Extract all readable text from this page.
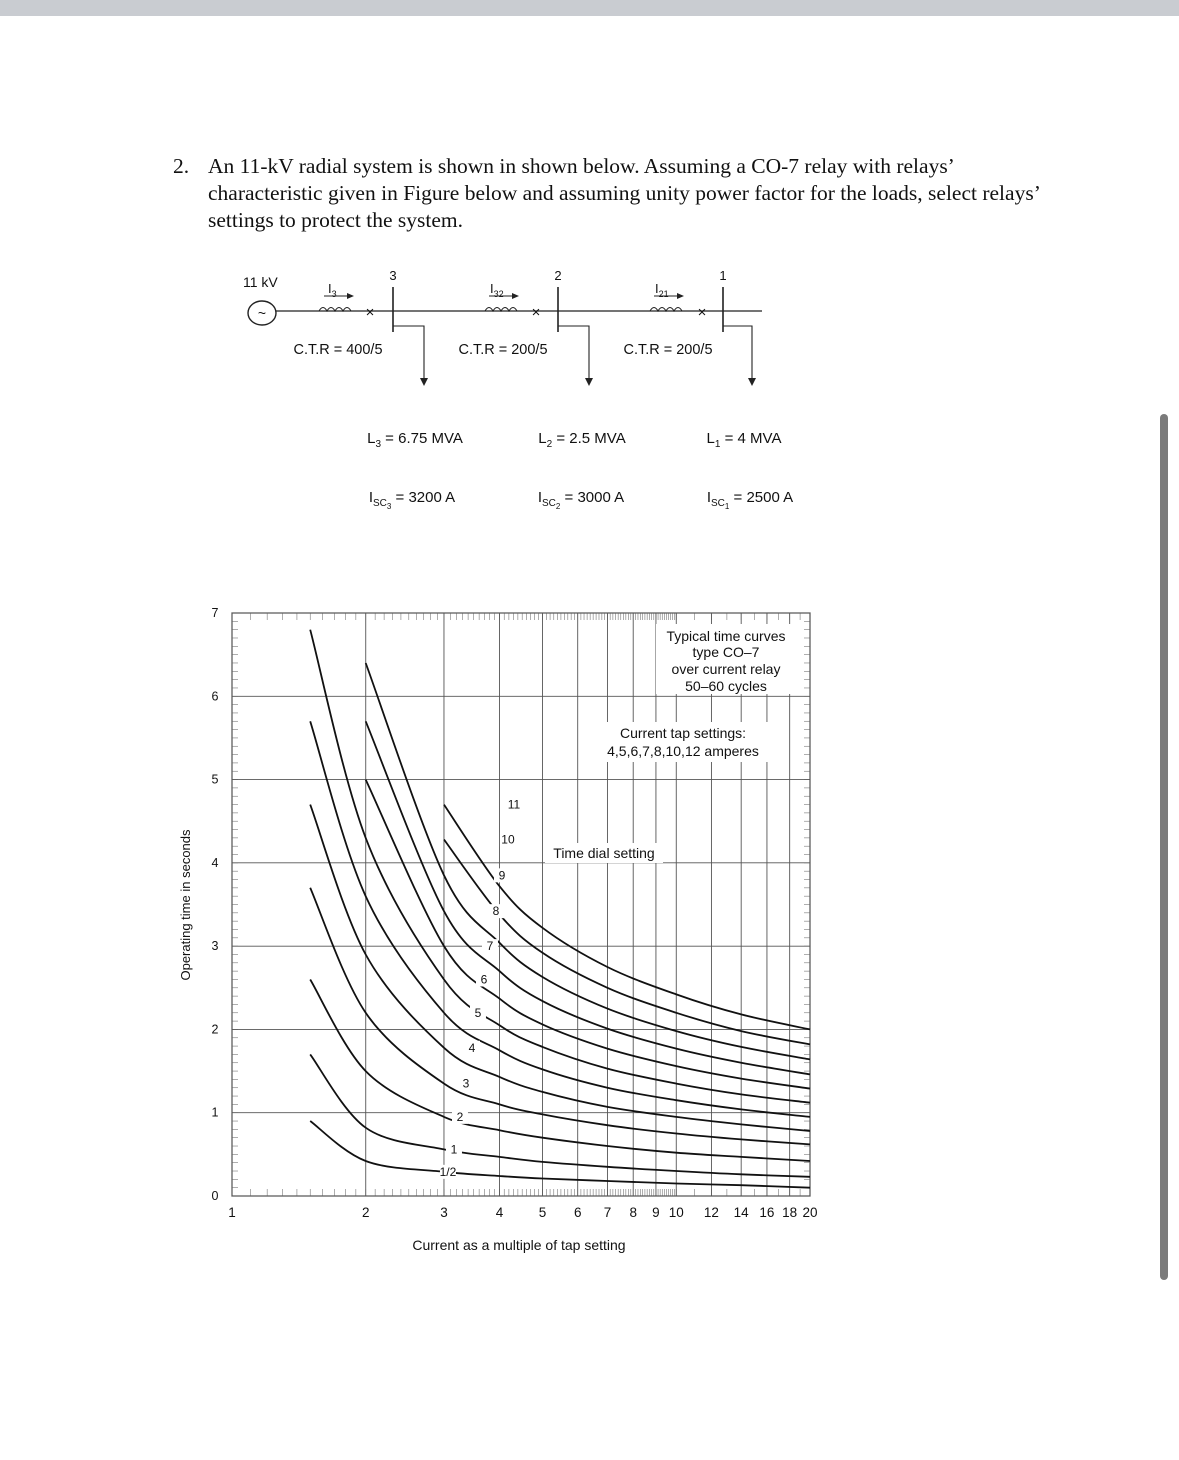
2. An 11-kV radial system is shown in shown below. Assuming a CO-7 relay with relays’ characteristic given in Figure below and assuming unity power factor for the loads, select relays’ settings to protect the system.
~
11 kV
×
3
$I_3$
C.T.R = 400/5
$L_3 = 6.75$ MVA
$I_{SC3} = 3200$ A
×
2
$I_{32}$
C.T.R = 200/5
$L_2 = 2.5$ MVA
$I_{SC2} = 3000$ A
×
1
$I_{21}$
C.T.R = 200/5
$L_1 = 4$ MVA
$I_{SC1} = 2500$ A
1	2	3	4	5 6 7 8 9 10 12 14 16 18 20
0
1
2
3
4
5
6
7
1/2
1
2
3
4
5
6
7
8
9
10
11
Typical time curves
type CO–7
over current relay
50–60 cycles
Current tap settings:
4,5,6,7,8,10,12 amperes
Time dial setting
Current as a multiple of tap setting
Operating time in seconds
